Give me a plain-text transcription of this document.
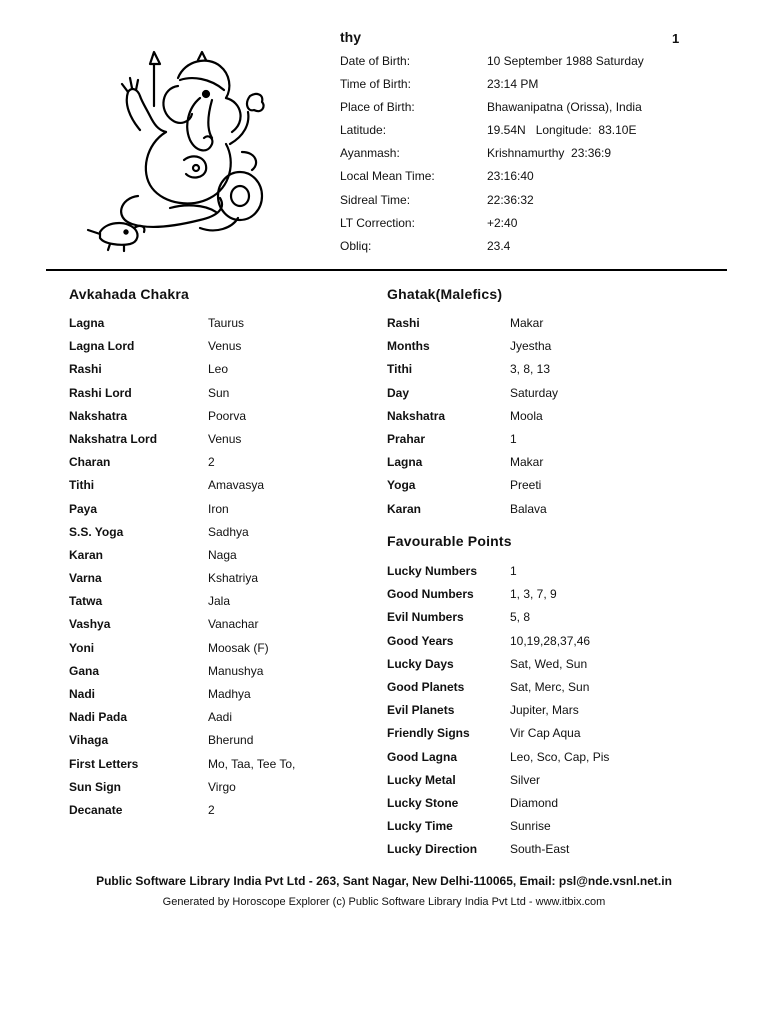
thy	1
Date of Birth:	10 September 1988 Saturday
Time of Birth:	23:14 PM
Place of Birth:	Bhawanipatna (Orissa), India
Latitude:	19.54N   Longitude:  83.10E
Ayanmash:	Krishnamurthy  23:36:9
Local Mean Time:	23:16:40
Sidreal Time:	22:36:32
LT Correction:	+2:40
Obliq:	23.4
Avkahada Chakra
Lagna	Taurus
Lagna Lord	Venus
Rashi	Leo
Rashi Lord	Sun
Nakshatra	Poorva
Nakshatra Lord	Venus
Charan	2
Tithi	Amavasya
Paya	Iron
S.S. Yoga	Sadhya
Karan	Naga
Varna	Kshatriya
Tatwa	Jala
Vashya	Vanachar
Yoni	Moosak (F)
Gana	Manushya
Nadi	Madhya
Nadi Pada	Aadi
Vihaga	Bherund
First Letters	Mo, Taa, Tee To,
Sun Sign	Virgo
Decanate	2
Ghatak(Malefics)
Rashi	Makar
Months	Jyestha
Tithi	3, 8, 13
Day	Saturday
Nakshatra	Moola
Prahar	1
Lagna	Makar
Yoga	Preeti
Karan	Balava
Favourable Points
Lucky Numbers	1
Good Numbers	1, 3, 7, 9
Evil Numbers	5, 8
Good Years	10,19,28,37,46
Lucky Days	Sat, Wed, Sun
Good Planets	Sat, Merc, Sun
Evil Planets	Jupiter, Mars
Friendly Signs	Vir Cap Aqua
Good Lagna	Leo, Sco, Cap, Pis
Lucky Metal	Silver
Lucky Stone	Diamond
Lucky Time	Sunrise
Lucky Direction	South-East
Public Software Library India Pvt Ltd - 263, Sant Nagar, New Delhi-110065, Email: psl@nde.vsnl.net.in
Generated by Horoscope Explorer (c) Public Software Library India Pvt Ltd - www.itbix.com
